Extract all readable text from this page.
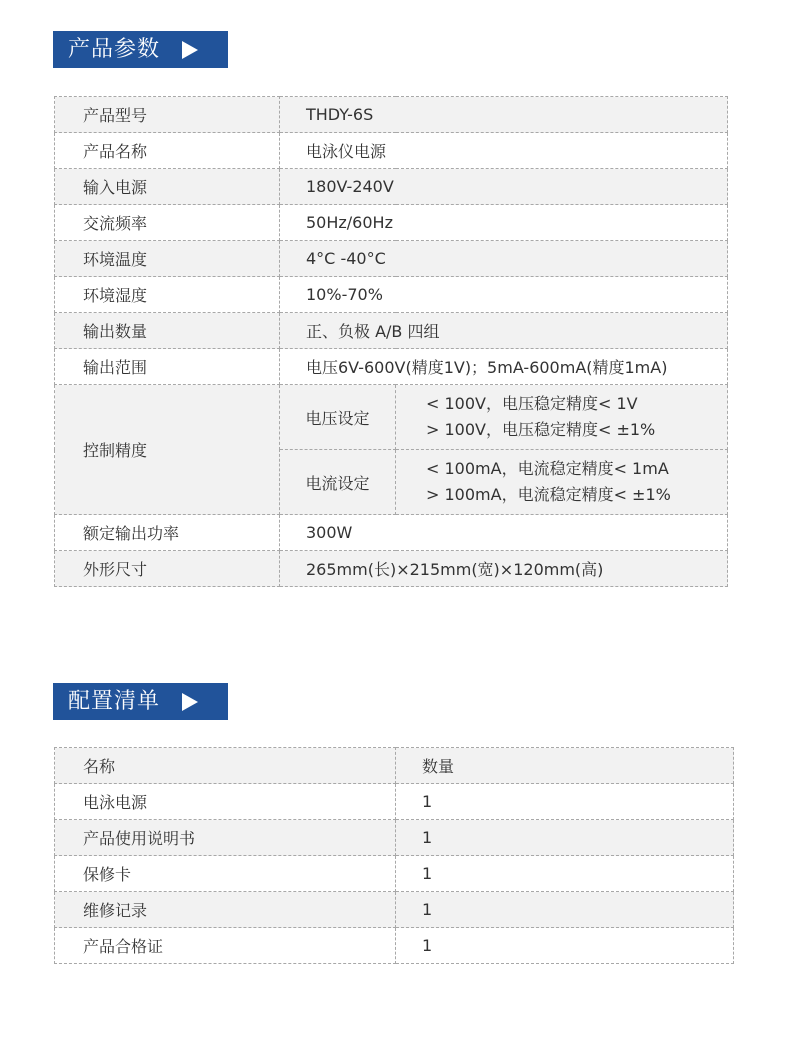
产品参数
产品型号	THDY-6S	
产品名称	电泳仪电源	
输入电源	180V-240V	
交流频率	50Hz/60Hz	
环境温度	4°C -40°C	
环境湿度	10%-70%	
输出数量	正、负极 A/B 四组	
输出范围	电压6V-600V(精度1V)；5mA-600mA(精度1mA)	
控制精度	电压设定	< 100V，电压稳定精度< 1V
> 100V，电压稳定精度< ±1%

	电流设定	< 100mA，电流稳定精度< 1mA
> 100mA，电流稳定精度< ±1%

额定输出功率	300W	
外形尺寸	265mm(长)×215mm(宽)×120mm(高)	
配置清单
名称	数量
电泳电源	1
产品使用说明书	1
保修卡	1
维修记录	1
产品合格证	1
